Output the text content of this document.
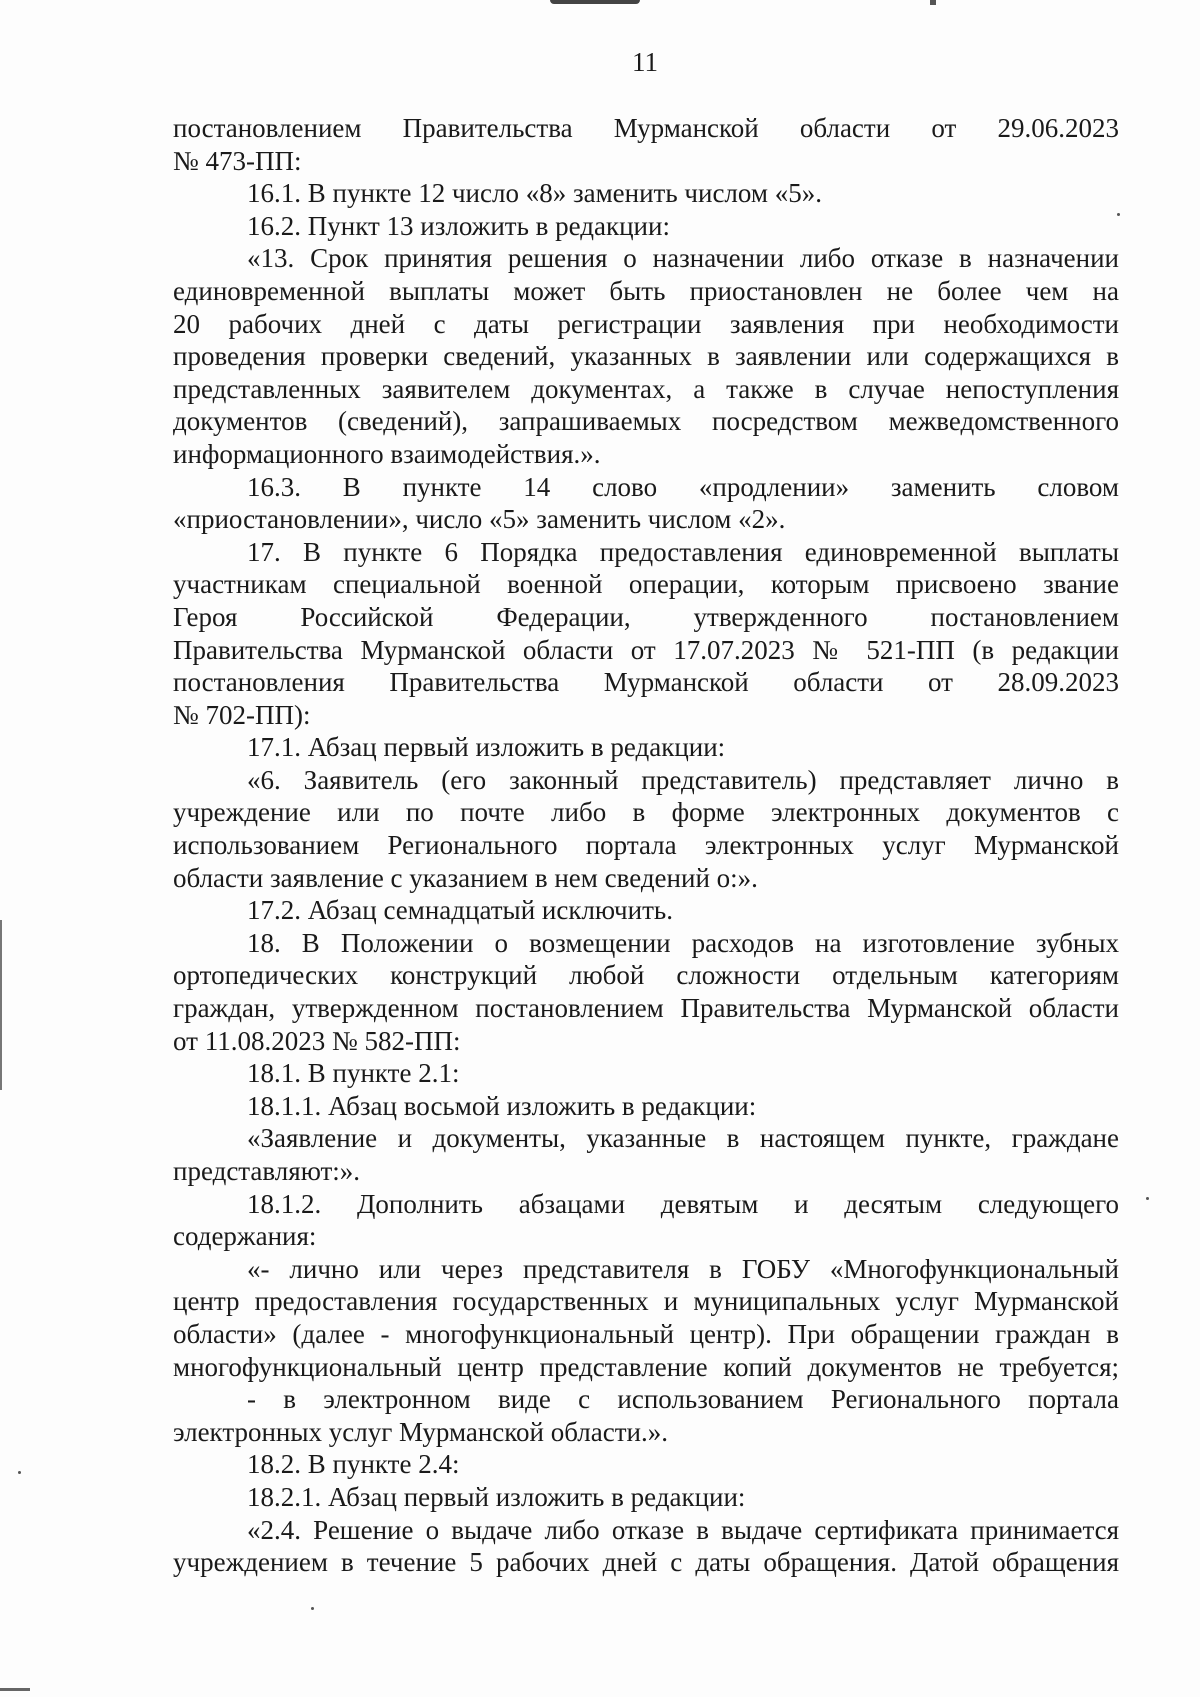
11
постановлением Правительства Мурманской области от 29.06.2023
№ 473-ПП:
16.1. В пункте 12 число «8» заменить числом «5».
16.2. Пункт 13 изложить в редакции:
«13. Срок принятия решения о назначении либо отказе в назначении
единовременной выплаты может быть приостановлен не более чем на
20 рабочих дней с даты регистрации заявления при необходимости
проведения проверки сведений, указанных в заявлении или содержащихся в
представленных заявителем документах, а также в случае непоступления
документов (сведений), запрашиваемых посредством межведомственного
информационного взаимодействия.».
16.3. В пункте 14 слово «продлении» заменить словом
«приостановлении», число «5» заменить числом «2».
17. В пункте 6 Порядка предоставления единовременной выплаты
участникам специальной военной операции, которым присвоено звание
Героя Российской Федерации, утвержденного постановлением
Правительства Мурманской области от 17.07.2023 № 521-ПП (в редакции
постановления Правительства Мурманской области от 28.09.2023
№ 702-ПП):
17.1. Абзац первый изложить в редакции:
«6. Заявитель (его законный представитель) представляет лично в
учреждение или по почте либо в форме электронных документов с
использованием Регионального портала электронных услуг Мурманской
области заявление с указанием в нем сведений о:».
17.2. Абзац семнадцатый исключить.
18. В Положении о возмещении расходов на изготовление зубных
ортопедических конструкций любой сложности отдельным категориям
граждан, утвержденном постановлением Правительства Мурманской области
от 11.08.2023 № 582-ПП:
18.1. В пункте 2.1:
18.1.1. Абзац восьмой изложить в редакции:
«Заявление и документы, указанные в настоящем пункте, граждане
представляют:».
18.1.2. Дополнить абзацами девятым и десятым следующего
содержания:
«- лично или через представителя в ГОБУ «Многофункциональный
центр предоставления государственных и муниципальных услуг Мурманской
области» (далее - многофункциональный центр). При обращении граждан в
многофункциональный центр представление копий документов не требуется;
- в электронном виде с использованием Регионального портала
электронных услуг Мурманской области.».
18.2. В пункте 2.4:
18.2.1. Абзац первый изложить в редакции:
«2.4. Решение о выдаче либо отказе в выдаче сертификата принимается
учреждением в течение 5 рабочих дней с даты обращения. Датой обращения
